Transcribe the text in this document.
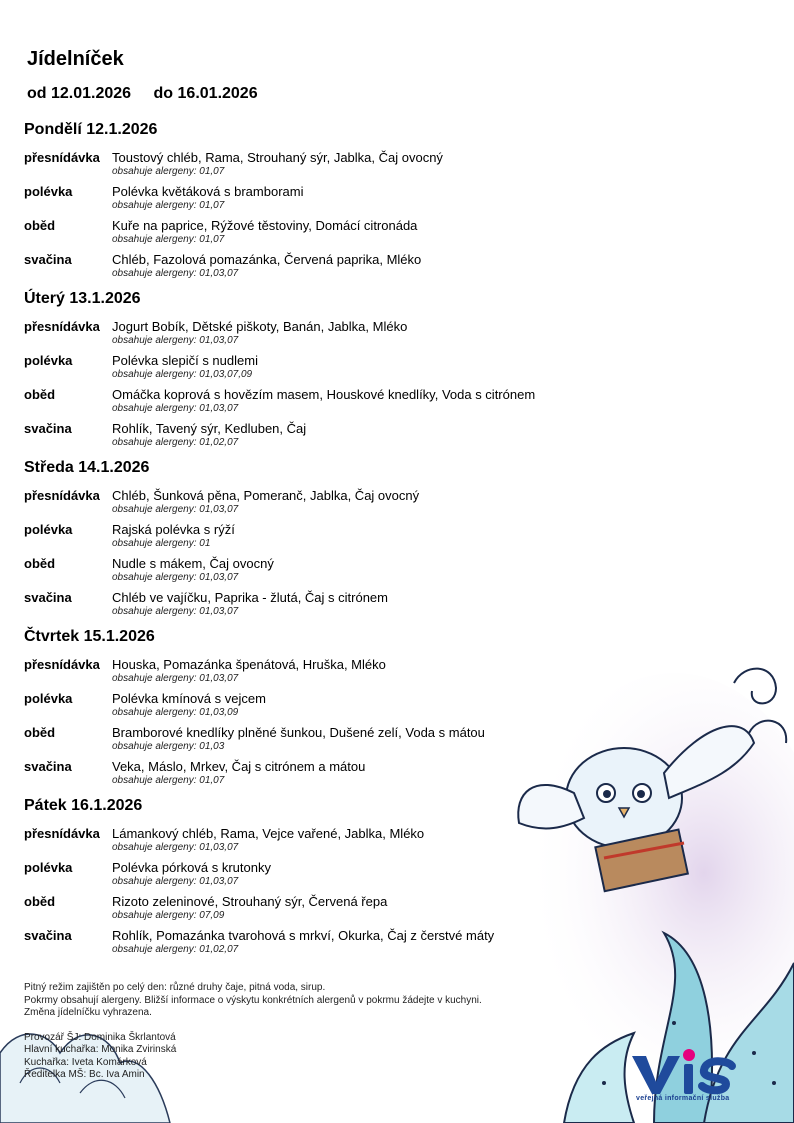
Jídelníček
od 12.01.2026 do 16.01.2026
Pondělí 12.1.2026
přesnídávka Toustový chléb, Rama, Strouhaný sýr, Jablka, Čaj ovocný
obsahuje alergeny: 01,07
polévka	Polévka květáková s bramborami
obsahuje alergeny: 01,07
oběd	Kuře na paprice, Rýžové těstoviny, Domácí citronáda
obsahuje alergeny: 01,07
svačina	Chléb, Fazolová pomazánka, Červená paprika, Mléko
obsahuje alergeny: 01,03,07
Úterý 13.1.2026
přesnídávka Jogurt Bobík, Dětské piškoty, Banán, Jablka, Mléko
obsahuje alergeny: 01,03,07
polévka	Polévka slepičí s nudlemi
obsahuje alergeny: 01,03,07,09
oběd	Omáčka koprová s hovězím masem, Houskové knedlíky, Voda s citrónem
obsahuje alergeny: 01,03,07
svačina	Rohlík, Tavený sýr, Kedluben, Čaj
obsahuje alergeny: 01,02,07
Středa 14.1.2026
přesnídávka Chléb, Šunková pěna, Pomeranč, Jablka, Čaj ovocný
obsahuje alergeny: 01,03,07
polévka	Rajská polévka s rýží
obsahuje alergeny: 01
oběd	Nudle s mákem, Čaj ovocný
obsahuje alergeny: 01,03,07
svačina	Chléb ve vajíčku, Paprika - žlutá, Čaj s citrónem
obsahuje alergeny: 01,03,07
Čtvrtek 15.1.2026
přesnídávka Houska, Pomazánka špenátová, Hruška, Mléko
obsahuje alergeny: 01,03,07
polévka	Polévka kmínová s vejcem
obsahuje alergeny: 01,03,09
oběd	Bramborové knedlíky plněné šunkou, Dušené zelí, Voda s mátou
obsahuje alergeny: 01,03
svačina	Veka, Máslo, Mrkev, Čaj s citrónem a mátou
obsahuje alergeny: 01,07
Pátek 16.1.2026
přesnídávka Lámankový chléb, Rama, Vejce vařené, Jablka, Mléko
obsahuje alergeny: 01,03,07
polévka	Polévka pórková s krutonky
obsahuje alergeny: 01,03,07
oběd	Rizoto zeleninové, Strouhaný sýr, Červená řepa
obsahuje alergeny: 07,09
svačina	Rohlík, Pomazánka tvarohová s mrkví, Okurka, Čaj z čerstvé máty
obsahuje alergeny: 01,02,07
Pitný režim zajištěn po celý den: různé druhy čaje, pitná voda, sirup.
Pokrmy obsahují alergeny. Bližší informace o výskytu konkrétních alergenů v pokrmu žádejte v kuchyni.
Změna jídelníčku vyhrazena.
Provozář ŠJ: Dominika Škrlantová
Hlavní kuchařka: Monika Zvirinská
Kuchařka: Iveta Komárková
Ředitelka MŠ: Bc. Iva Amin
veřejná informační služba
